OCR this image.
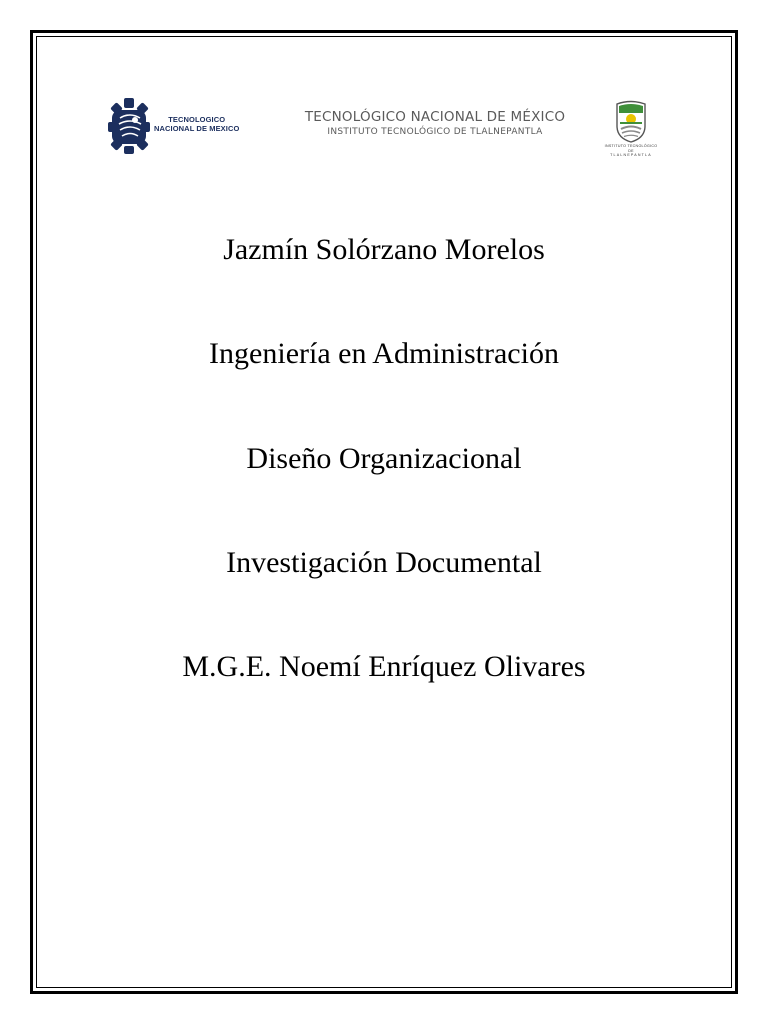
TECNOLOGICO
NACIONAL DE MEXICO
TECNOLÓGICO NACIONAL DE MÉXICO
INSTITUTO TECNOLÓGICO DE TLALNEPANTLA
INSTITUTO TECNOLÓGICO DE
TLALNEPANTLA
Jazmín Solórzano Morelos
Ingeniería en Administración
Diseño Organizacional
Investigación Documental
M.G.E. Noemí Enríquez Olivares
